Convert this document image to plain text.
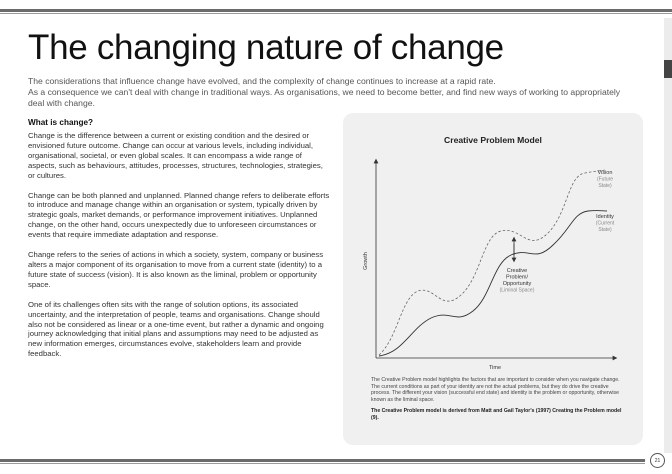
The changing nature of change

The considerations that influence change have evolved, and the complexity of change continues to increase at a rapid rate.

As a consequence we can't deal with change in traditional ways. As organisations, we need to become better, and find new ways of working to appropriately deal with change.

What is change?

Change is the difference between a current or existing condition and the desired or envisioned future outcome. Change can occur at various levels, including individual, organisational, societal, or even global scales. It can encompass a wide range of aspects, such as behaviours, attitudes, processes, structures, technologies, strategies, or cultures.

Change can be both planned and unplanned. Planned change refers to deliberate efforts to introduce and manage change within an organisation or system, typically driven by strategic goals, market demands, or performance improvement initiatives. Unplanned change, on the other hand, occurs unexpectedly due to unforeseen circumstances or events that require immediate adaptation and response.

Change refers to the series of actions in which a society, system, company or business alters a major component of its organisation to move from a current state (identity) to a future state of success (vision). It is also known as the liminal, problem or opportunity space.

One of its challenges often sits with the range of solution options, its associated uncertainty, and the interpretation of people, teams and organisations. Change should also not be considered as linear or a one-time event, but rather a dynamic and ongoing journey acknowledging that initial plans and assumptions may need to be adjusted as new information emerges, circumstances evolve, stakeholders learn and provide feedback.

Creative Problem Model
Growth
Time
Vision
(Future
State)
Identity
(Current
State)
Creative
Problem/
Opportunity
(Liminal Space)

The Creative Problem model highlights the factors that are important to consider when you navigate change. The current conditions as part of your identity are not the actual problems, but they do drive the creative process. The different your vision (successful end state) and identity is the problem or opportunity, otherwise known as the liminal space.

The Creative Problem model is derived from Matt and Gail Taylor's (1997) Creating the Problem model (9).

21
